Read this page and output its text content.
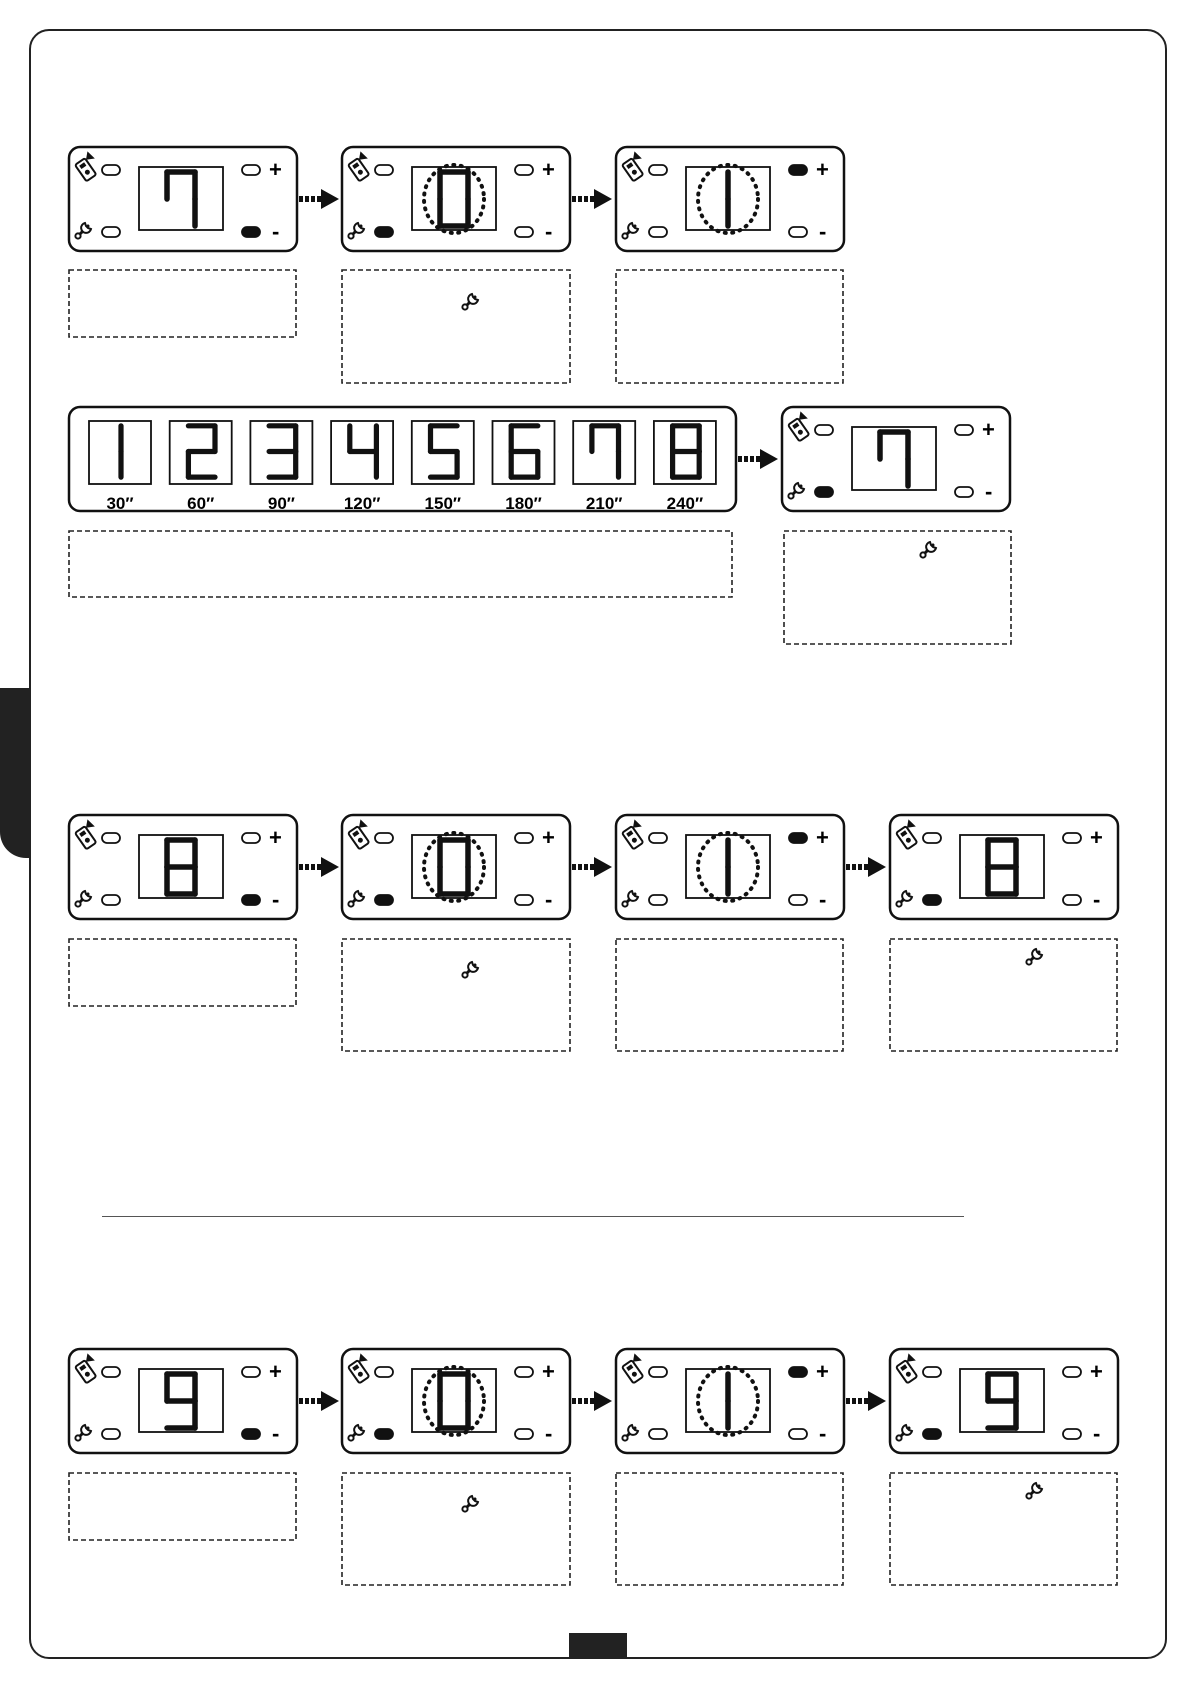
+
-
+
-
+
-
30″	60″	90″	120″	150″	180″	210″	240″
+
-
+
-
+
-
+
-
+
-
+
-
+
-
+
-
+
-
